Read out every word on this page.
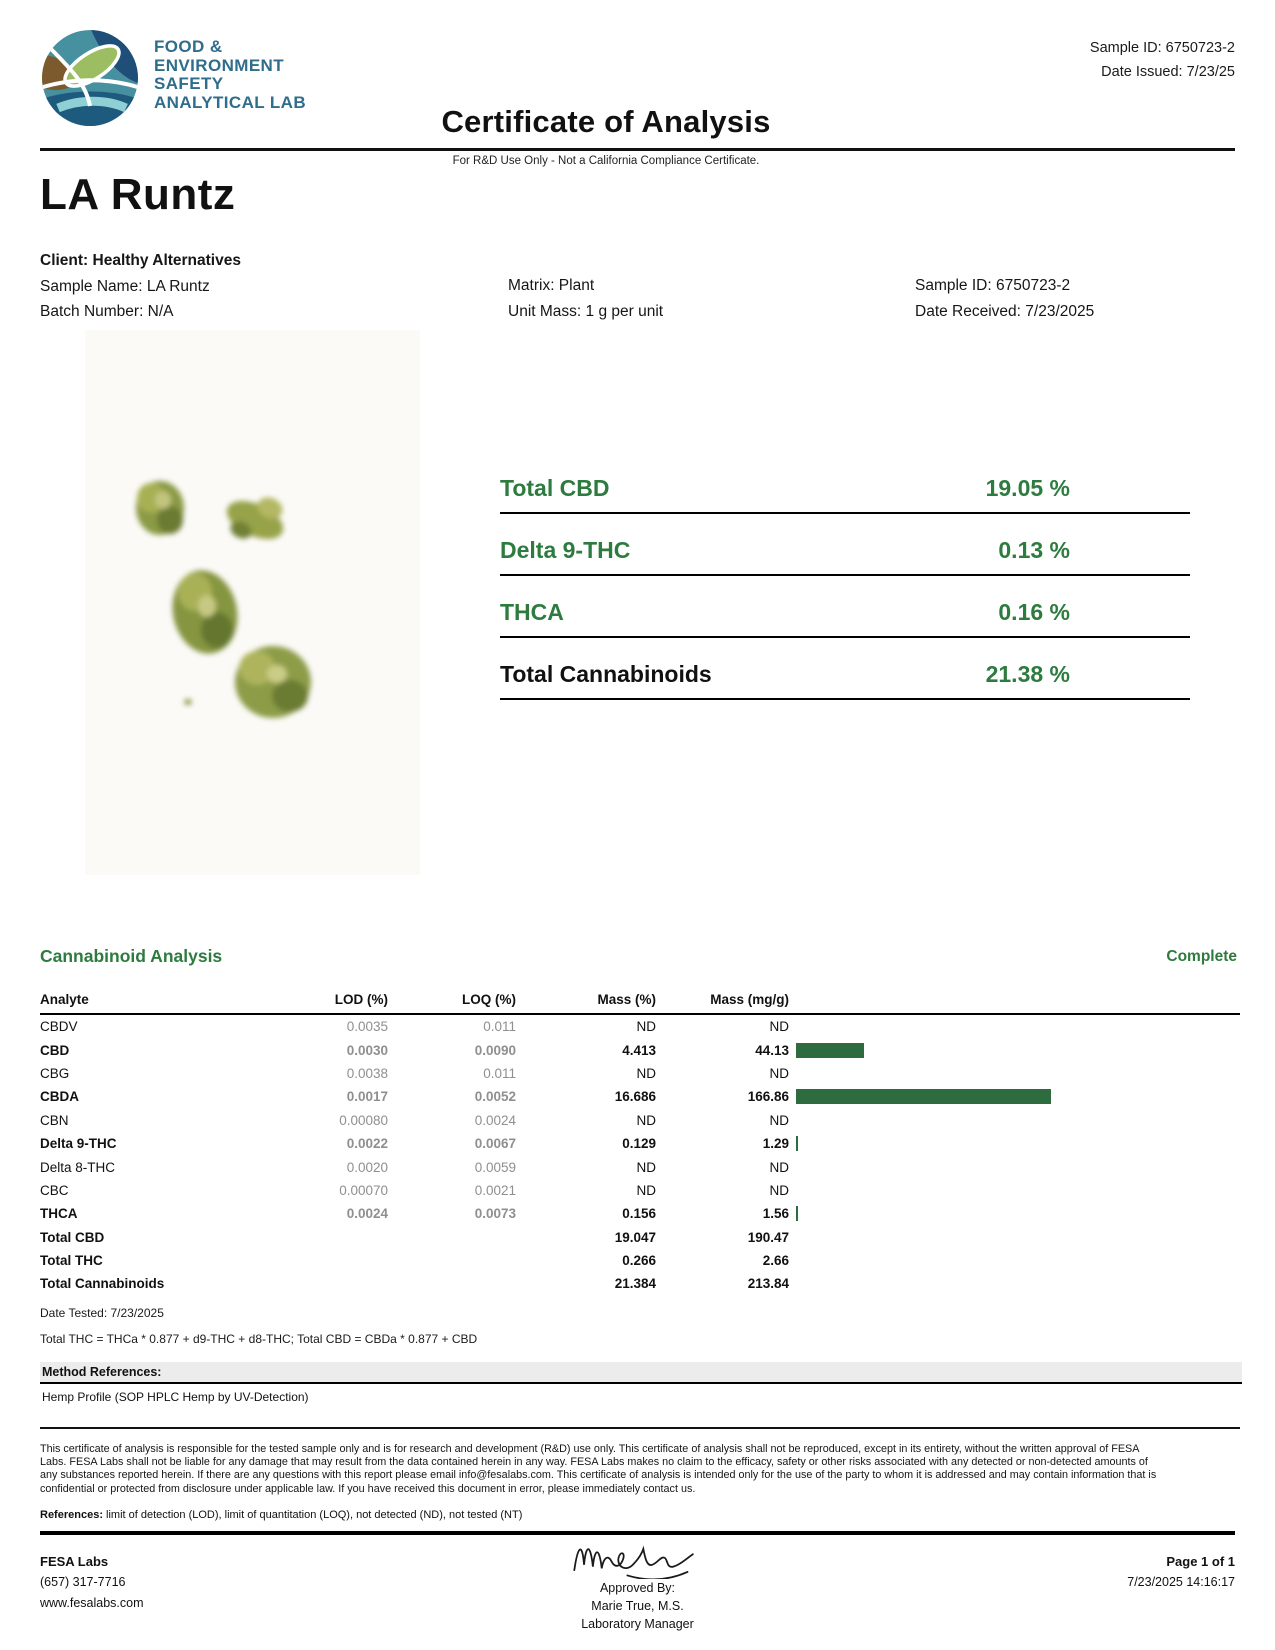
FOOD &
ENVIRONMENT
SAFETY
ANALYTICAL LAB
Sample ID: 6750723-2
Date Issued: 7/23/25
Certificate of Analysis
For R&D Use Only - Not a California Compliance Certificate.
LA Runtz
Client: Healthy Alternatives
Sample Name: LA Runtz
Batch Number: N/A
Matrix: Plant
Unit Mass: 1 g per unit
Sample ID: 6750723-2
Date Received: 7/23/2025
Total CBD	19.05 %
Delta 9-THC	0.13 %
THCA	0.16 %
Total Cannabinoids	21.38 %
Cannabinoid Analysis	Complete
Analyte	LOD (%)	LOQ (%)	Mass (%)	Mass (mg/g)	
CBDV	0.0035	0.011	ND	ND	
CBD	0.0030	0.0090	4.413	44.13	

CBG	0.0038	0.011	ND	ND	
CBDA	0.0017	0.0052	16.686	166.86	

CBN	0.00080	0.0024	ND	ND	
Delta 9-THC	0.0022	0.0067	0.129	1.29	

Delta 8-THC	0.0020	0.0059	ND	ND	
CBC	0.00070	0.0021	ND	ND	
THCA	0.0024	0.0073	0.156	1.56	

Total CBD			19.047	190.47	
Total THC			0.266	2.66	
Total Cannabinoids			21.384	213.84	
Date Tested: 7/23/2025
Total THC = THCa * 0.877 + d9-THC + d8-THC; Total CBD = CBDa * 0.877 + CBD
Method References:
Hemp Profile (SOP HPLC Hemp by UV-Detection)
This certificate of analysis is responsible for the tested sample only and is for research and development (R&D) use only. This certificate of analysis shall not be reproduced, except in its entirety, without the written approval of FESA Labs. FESA Labs shall not be liable for any damage that may result from the data contained herein in any way. FESA Labs makes no claim to the efficacy, safety or other risks associated with any detected or non-detected amounts of any substances reported herein. If there are any questions with this report please email info@fesalabs.com. This certificate of analysis is intended only for the use of the party to whom it is addressed and may contain information that is confidential or protected from disclosure under applicable law. If you have received this document in error, please immediately contact us.
References: limit of detection (LOD), limit of quantitation (LOQ), not detected (ND), not tested (NT)
FESA Labs
(657) 317-7716
www.fesalabs.com
Approved By:
Marie True, M.S.
Laboratory Manager
Page 1 of 1
7/23/2025 14:16:17
